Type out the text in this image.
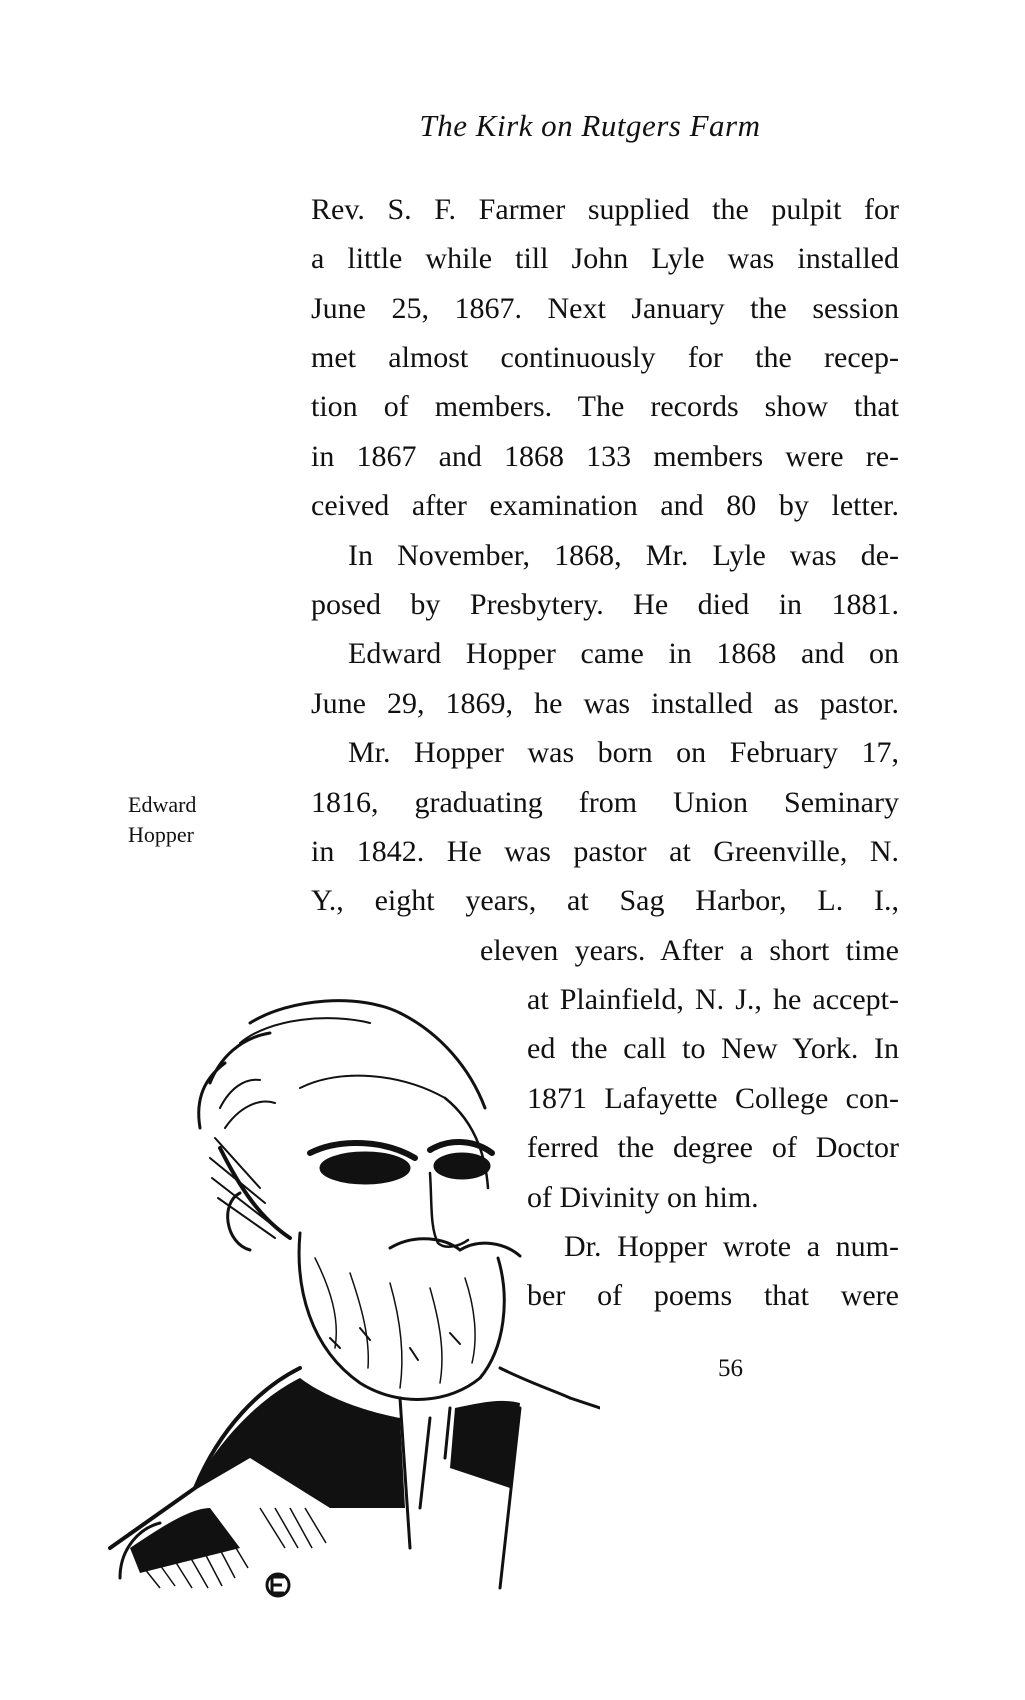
The Kirk on Rutgers Farm
Rev. S. F. Farmer supplied the pulpit for
a little while till John Lyle was installed
June 25, 1867. Next January the session
met almost continuously for the recep-
tion of members. The records show that
in 1867 and 1868 133 members were re-
ceived after examination and 80 by letter.
In November, 1868, Mr. Lyle was de-
posed by Presbytery. He died in 1881.
Edward Hopper came in 1868 and on
June 29, 1869, he was installed as pastor.
Mr. Hopper was born on February 17,
1816, graduating from Union Seminary
in 1842. He was pastor at Greenville, N.
Y., eight years, at Sag Harbor, L. I.,
eleven years. After a short time
at Plainfield, N. J., he accept-
ed the call to New York. In
1871 Lafayette College con-
ferred the degree of Doctor
of Divinity on him.
Dr. Hopper wrote a num-
ber of poems that were
Edward
Hopper
56
